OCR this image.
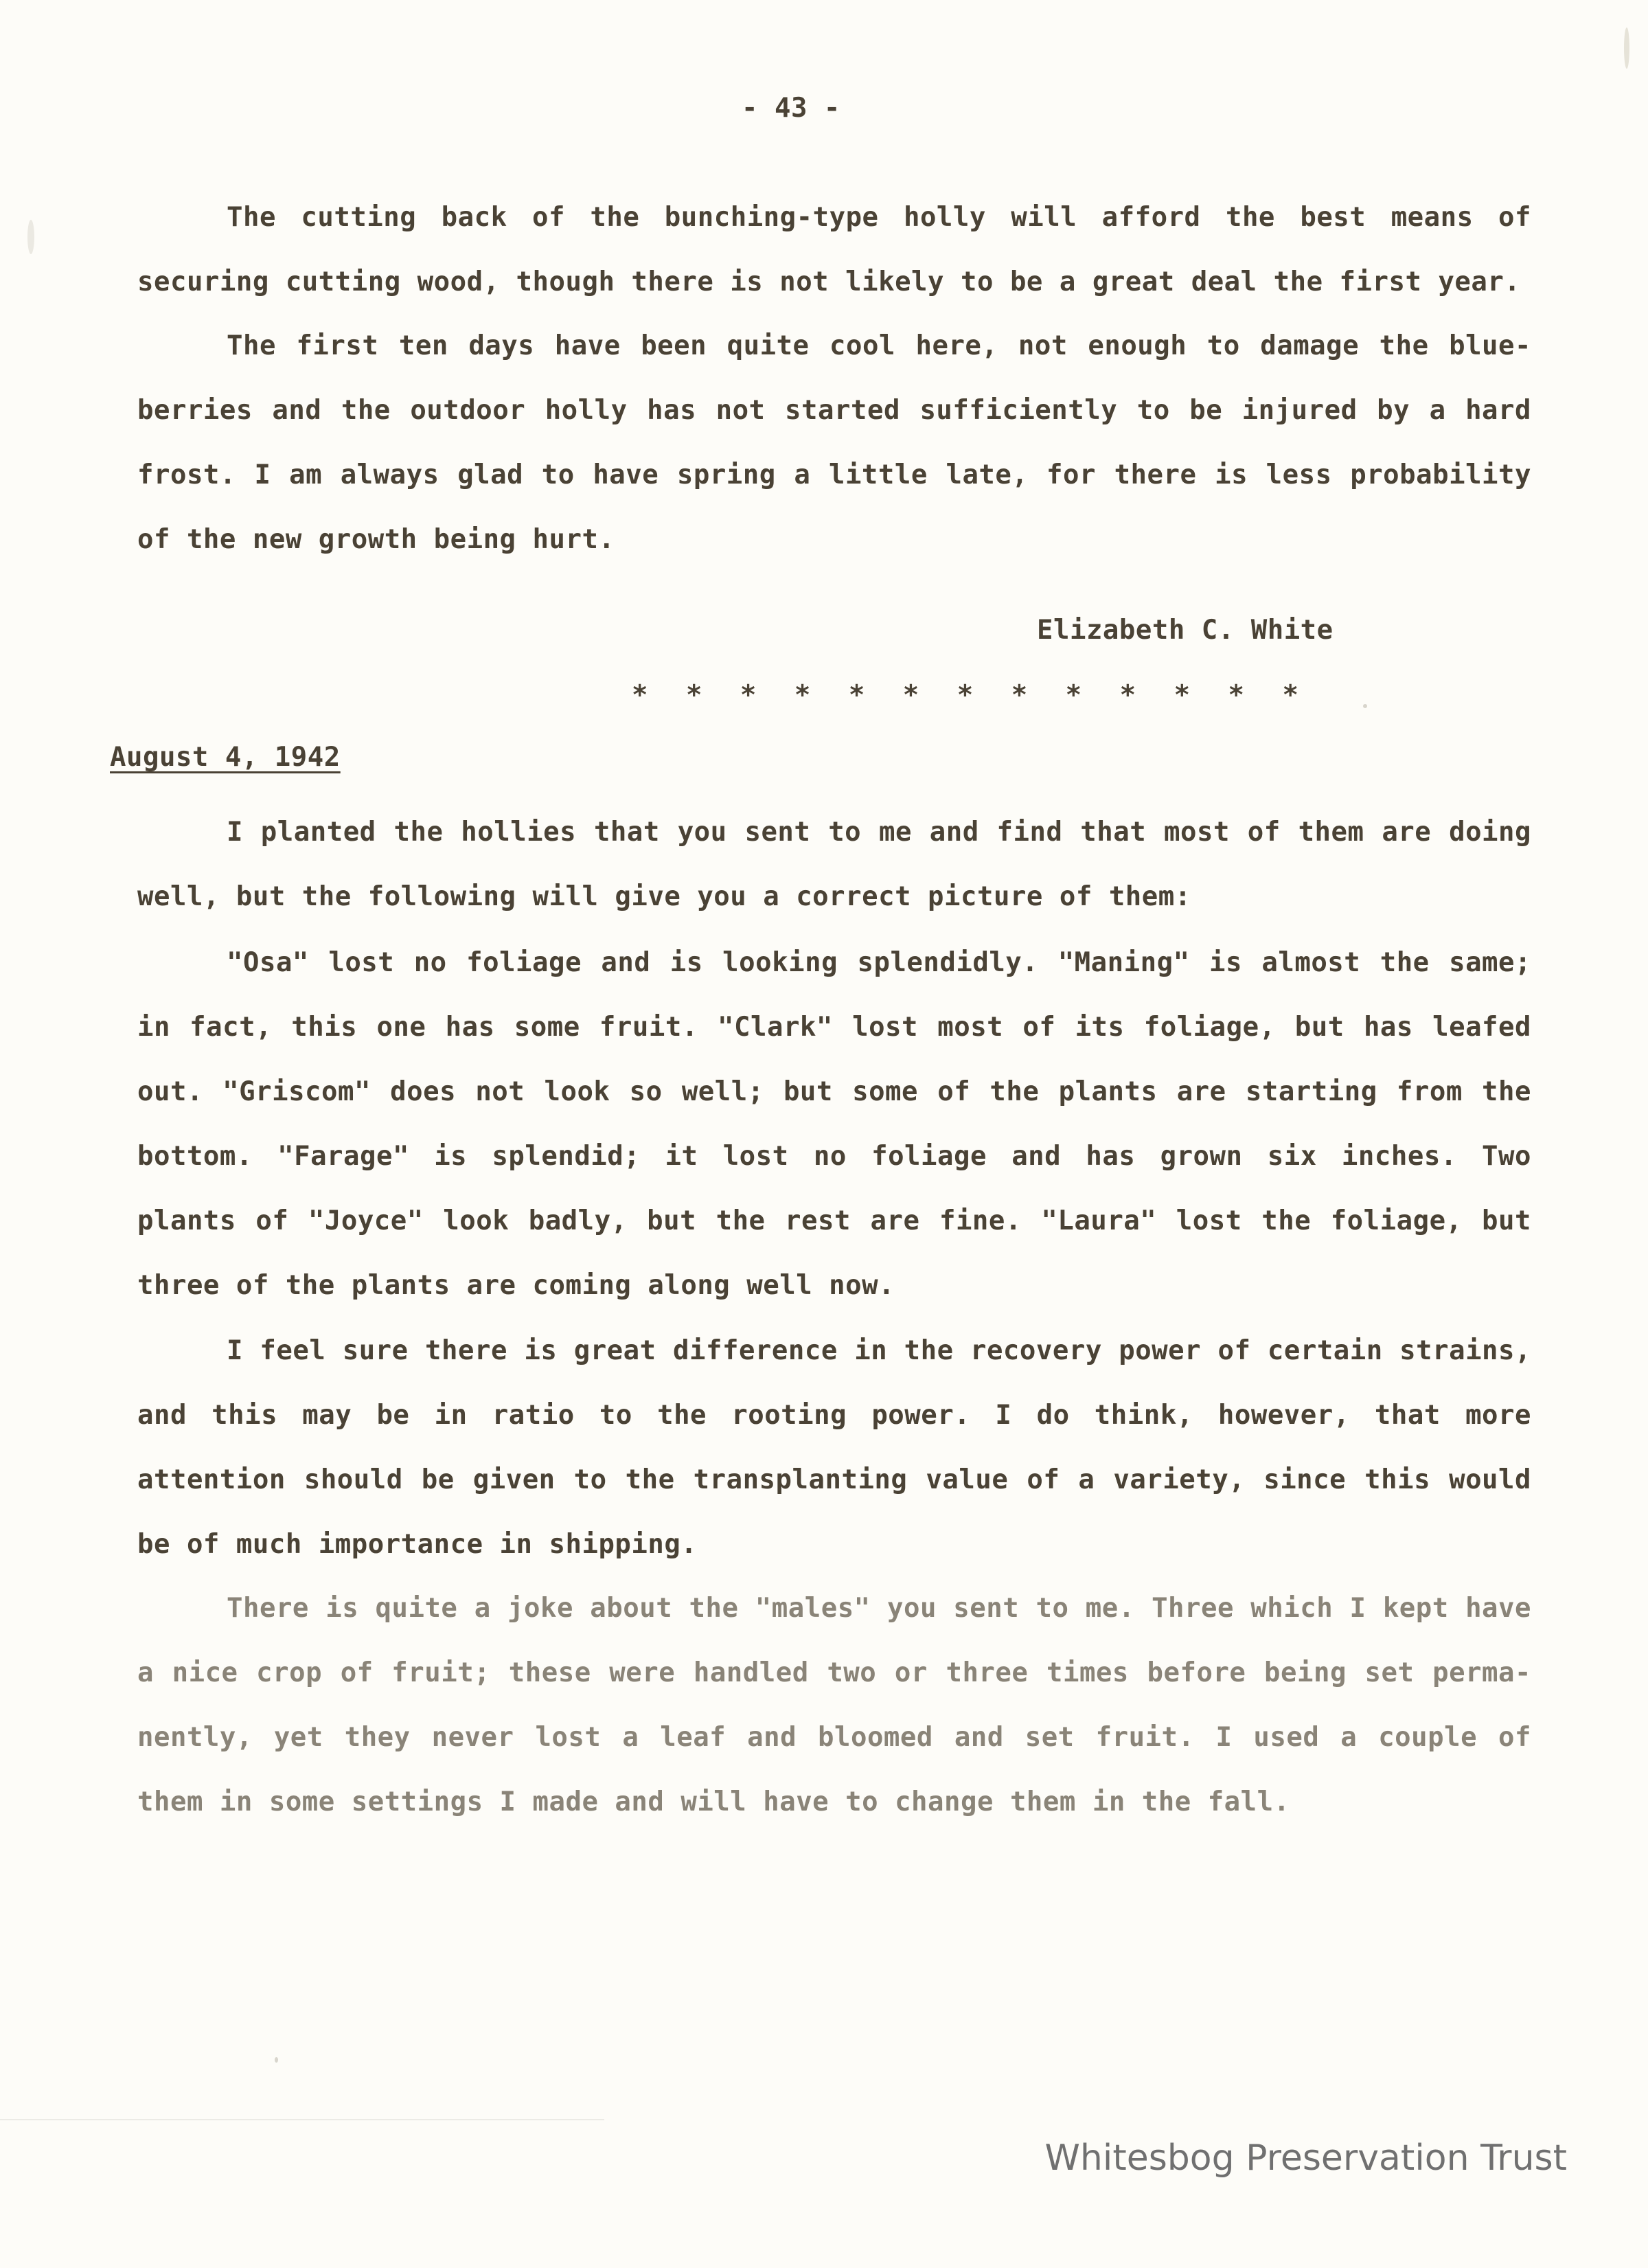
- 43 -

The cutting back of the bunching-type holly will afford the best means of securing cutting wood, though there is not likely to be a great deal the first year.

The first ten days have been quite cool here, not enough to damage the blue-berries and the outdoor holly has not started sufficiently to be injured by a hard frost. I am always glad to have spring a little late, for there is less probability of the new growth being hurt.

Elizabeth C. White

* * * * * * * * * * * * *

August 4, 1942

I planted the hollies that you sent to me and find that most of them are doing well, but the following will give you a correct picture of them:

"Osa" lost no foliage and is looking splendidly. "Maning" is almost the same; in fact, this one has some fruit. "Clark" lost most of its foliage, but has leafed out. "Griscom" does not look so well; but some of the plants are starting from the bottom. "Farage" is splendid; it lost no foliage and has grown six inches. Two plants of "Joyce" look badly, but the rest are fine. "Laura" lost the foliage, but three of the plants are coming along well now.

I feel sure there is great difference in the recovery power of certain strains, and this may be in ratio to the rooting power. I do think, however, that more attention should be given to the transplanting value of a variety, since this would be of much importance in shipping.

There is quite a joke about the "males" you sent to me. Three which I kept have a nice crop of fruit; these were handled two or three times before being set perma-nently, yet they never lost a leaf and bloomed and set fruit. I used a couple of them in some settings I made and will have to change them in the fall.

Whitesbog Preservation Trust
